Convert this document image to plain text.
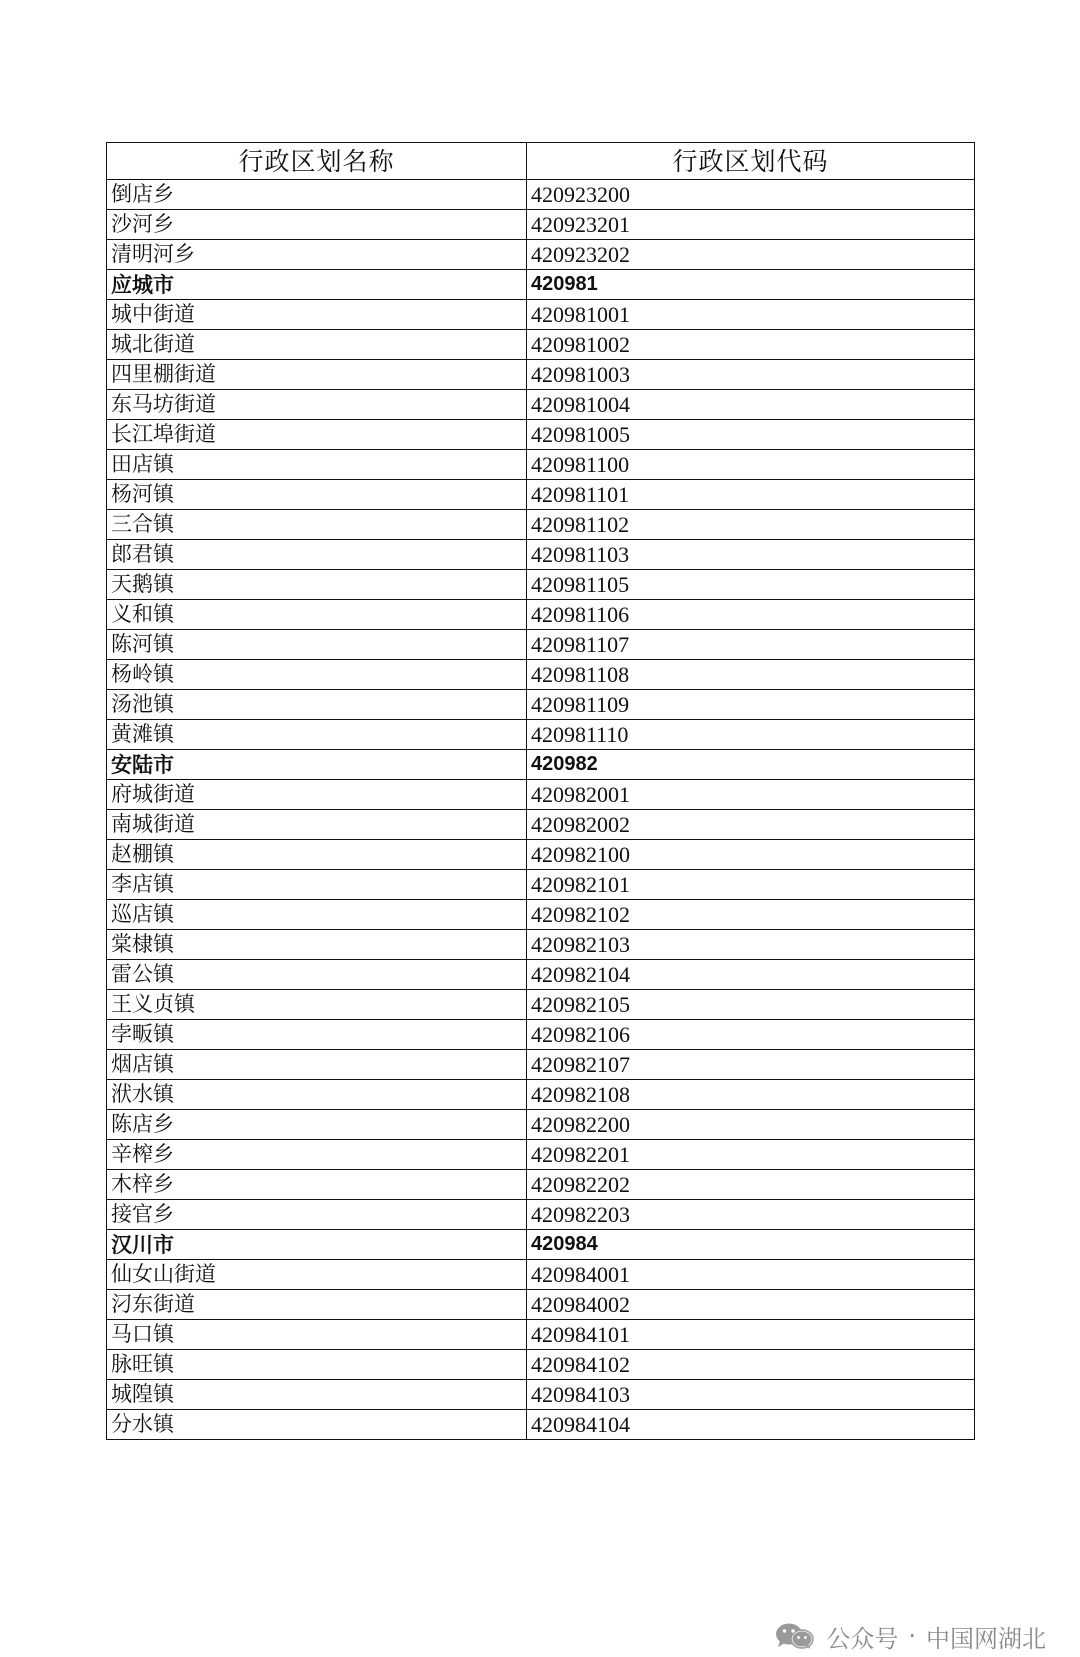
行政区划名称	行政区划代码
倒店乡	420923200
沙河乡	420923201
清明河乡	420923202
应城市	420981
城中街道	420981001
城北街道	420981002
四里棚街道	420981003
东马坊街道	420981004
长江埠街道	420981005
田店镇	420981100
杨河镇	420981101
三合镇	420981102
郎君镇	420981103
天鹅镇	420981105
义和镇	420981106
陈河镇	420981107
杨岭镇	420981108
汤池镇	420981109
黄滩镇	420981110
安陆市	420982
府城街道	420982001
南城街道	420982002
赵棚镇	420982100
李店镇	420982101
巡店镇	420982102
棠棣镇	420982103
雷公镇	420982104
王义贞镇	420982105
孛畈镇	420982106
烟店镇	420982107
洑水镇	420982108
陈店乡	420982200
辛榨乡	420982201
木梓乡	420982202
接官乡	420982203
汉川市	420984
仙女山街道	420984001
汈东街道	420984002
马口镇	420984101
脉旺镇	420984102
城隍镇	420984103
分水镇	420984104
公众号 · 中国网湖北
